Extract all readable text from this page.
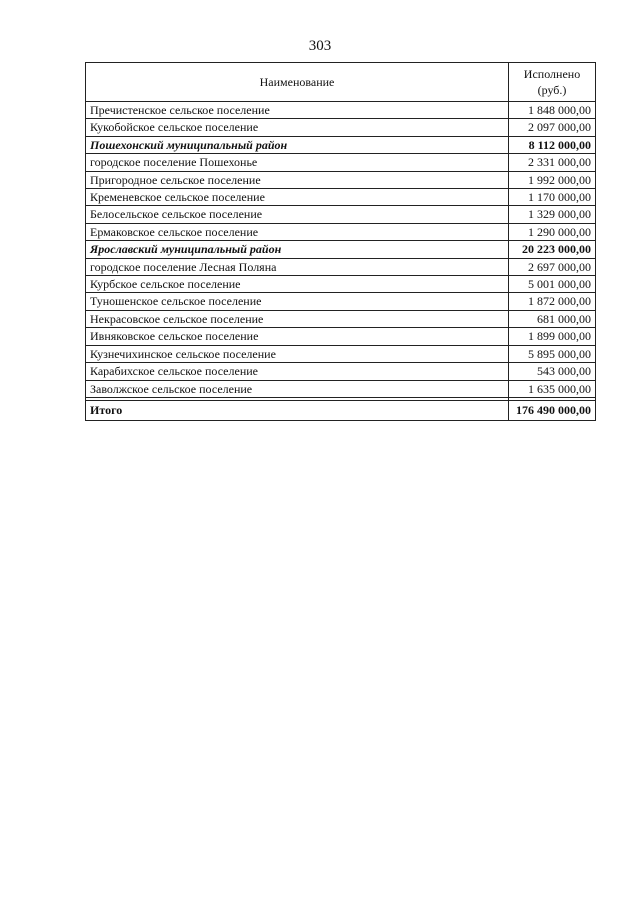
303
Наименование	Исполнено
(руб.)
Пречистенское сельское поселение	1 848 000,00
Кукобойское сельское поселение	2 097 000,00
Пошехонский муниципальный район	8 112 000,00
городское поселение Пошехонье	2 331 000,00
Пригородное сельское поселение	1 992 000,00
Кременевское сельское поселение	1 170 000,00
Белосельское сельское поселение	1 329 000,00
Ермаковское сельское поселение	1 290 000,00
Ярославский муниципальный район	20 223 000,00
городское поселение Лесная Поляна	2 697 000,00
Курбское сельское поселение	5 001 000,00
Туношенское сельское поселение	1 872 000,00
Некрасовское сельское поселение	681 000,00
Ивняковское сельское поселение	1 899 000,00
Кузнечихинское сельское поселение	5 895 000,00
Карабихское сельское поселение	543 000,00
Заволжское сельское поселение	1 635 000,00

Итого	176 490 000,00
